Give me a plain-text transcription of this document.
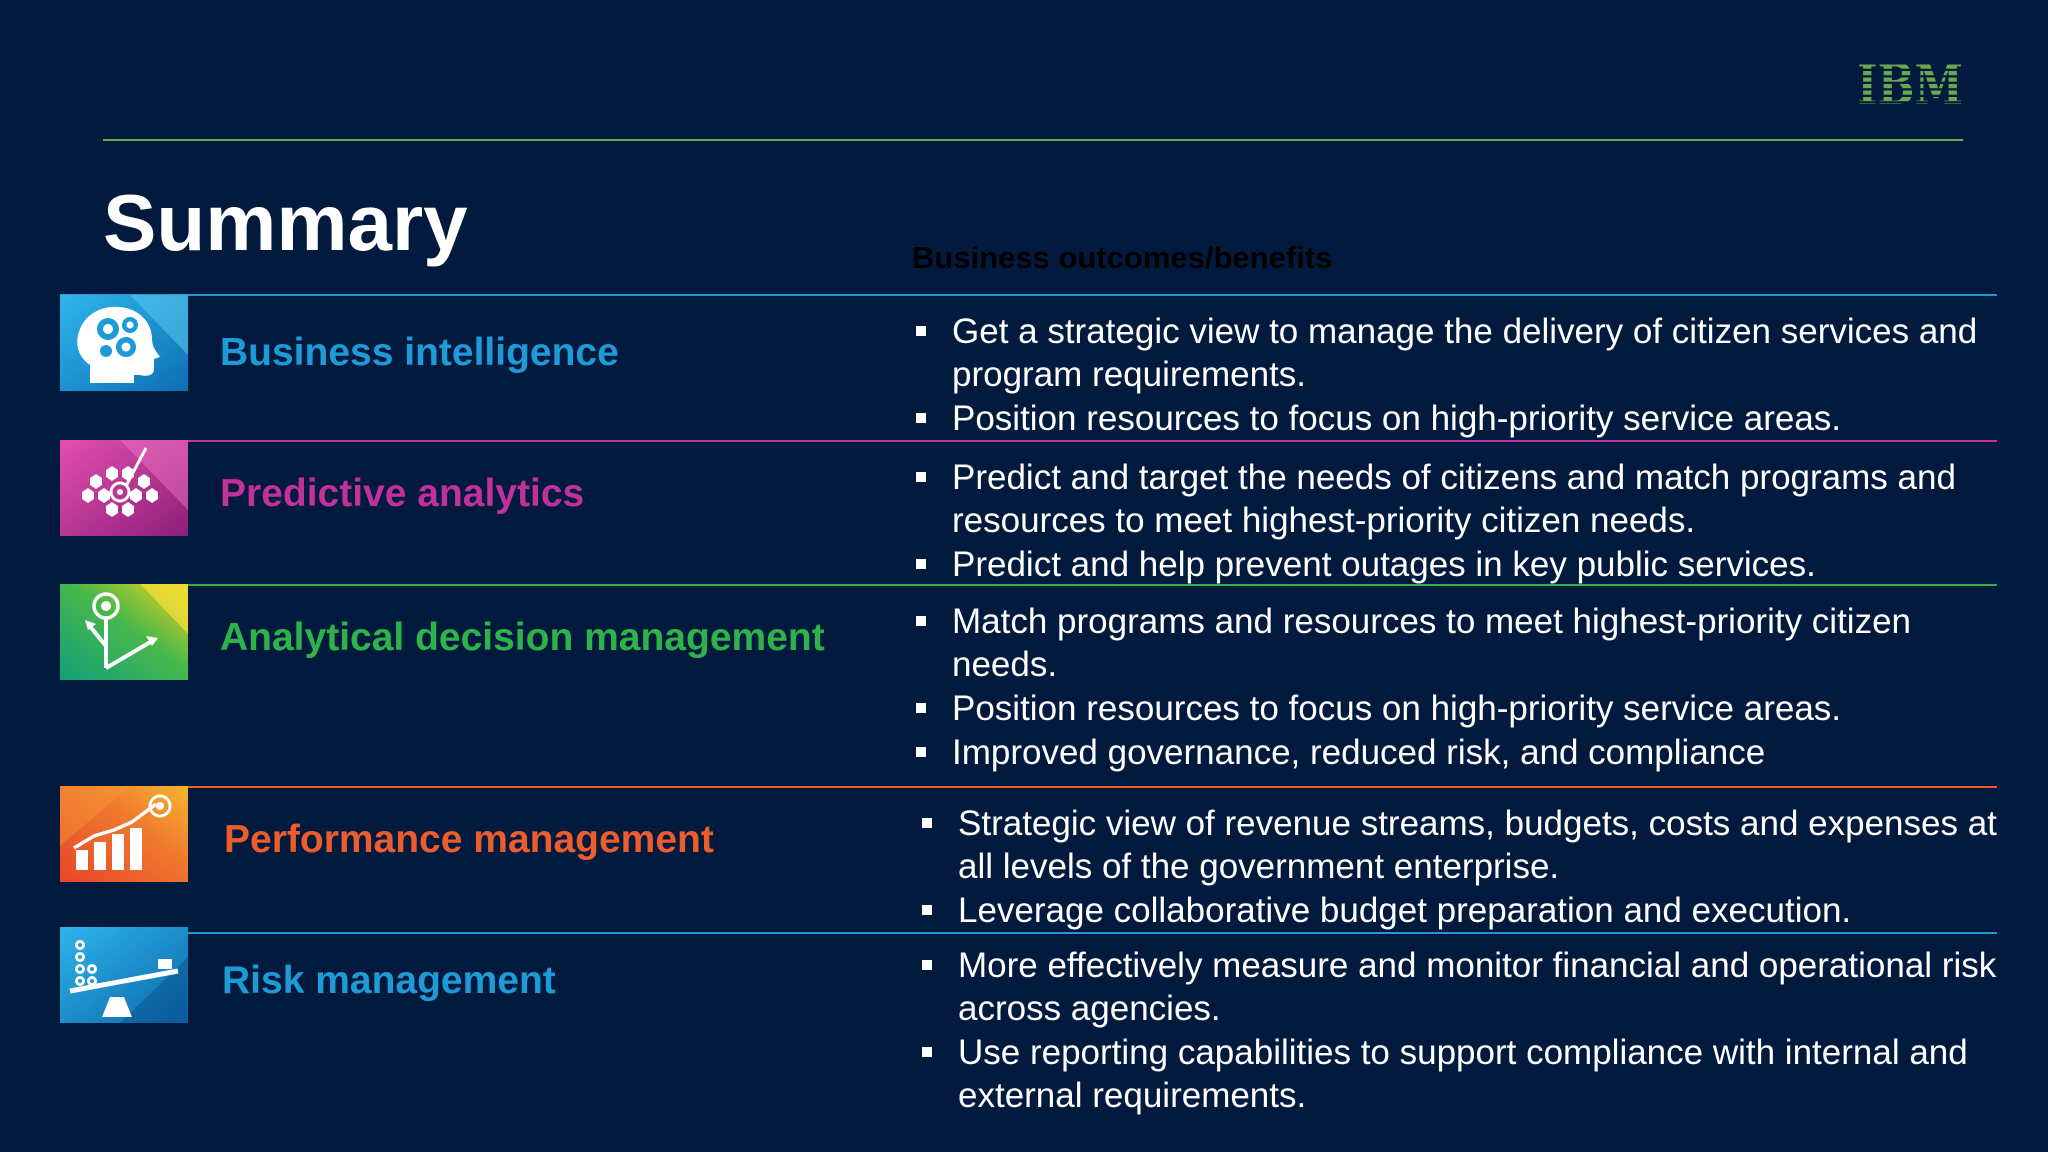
Summary	Business outcomes/benefits
Business intelligence	Get a strategic view to manage the delivery of citizen services and program requirements.
Position resources to focus on high-priority service areas.
Predictive analytics	Predict and target the needs of citizens and match programs and resources to meet highest-priority citizen needs.
Predict and help prevent outages in key public services.
Analytical decision management	Match programs and resources to meet highest-priority citizen needs.
Position resources to focus on high-priority service areas.
Improved governance, reduced risk, and compliance
Performance management	Strategic view of revenue streams, budgets, costs and expenses at all levels of the government enterprise.
Leverage collaborative budget preparation and execution.
Risk management	More effectively measure and monitor financial and operational risk across agencies.
Use reporting capabilities to support compliance with internal and external requirements.
